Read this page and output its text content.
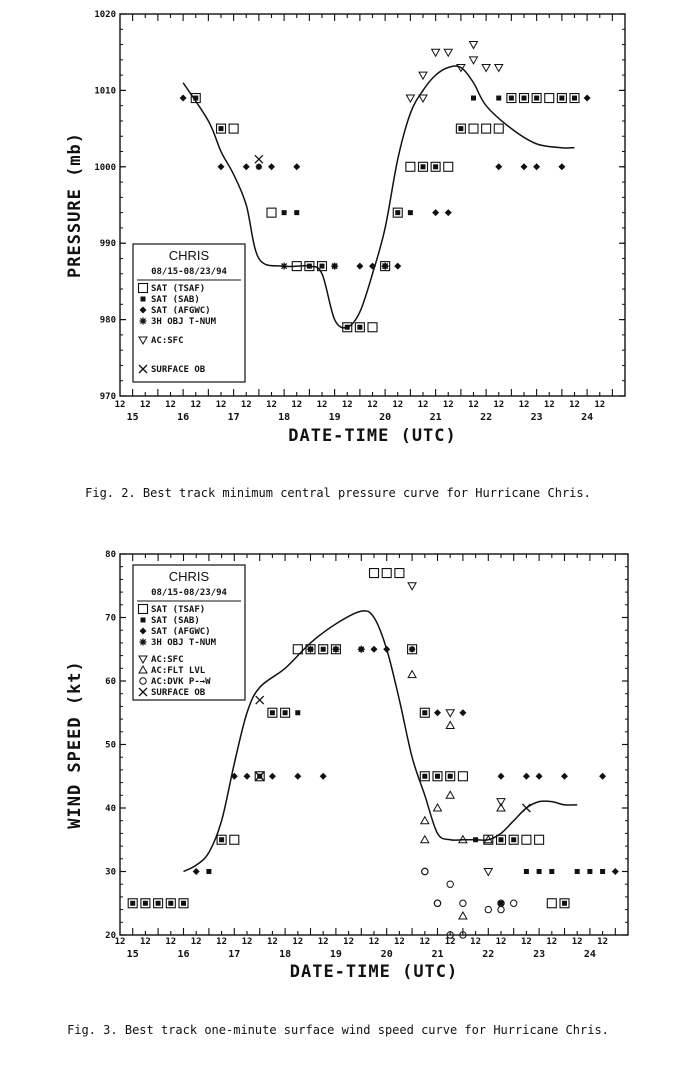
970
980
990
1000
1010
1020
12 12 12 12 12 12 12 12 12 12 12 12 12 12 12 12 12 12 12 12
15	16	17	18	19	20	21	22	23	24
DATE-TIME (UTC)
PRESSURE (mb)	CHRIS
08/15-08/23/94
SAT (TSAF)
SAT (SAB)
SAT (AFGWC)
3H OBJ T-NUM
AC:SFC
SURFACE OB
20
30
40
50
60
70
80
12 12 12 12 12 12 12 12 12 12 12 12 12 12 12 12 12 12 12 12
15	16	17	18	19	20	21	22	23	24
DATE-TIME (UTC)
WIND SPEED (kt)
CHRIS
08/15-08/23/94
SAT (TSAF)
SAT (SAB)
SAT (AFGWC)
3H OBJ T-NUM
AC:SFC
AC:FLT LVL
AC:DVK P-→W
SURFACE OB
Fig. 2. Best track minimum central pressure curve for Hurricane Chris.
Fig. 3. Best track one-minute surface wind speed curve for Hurricane Chris.
